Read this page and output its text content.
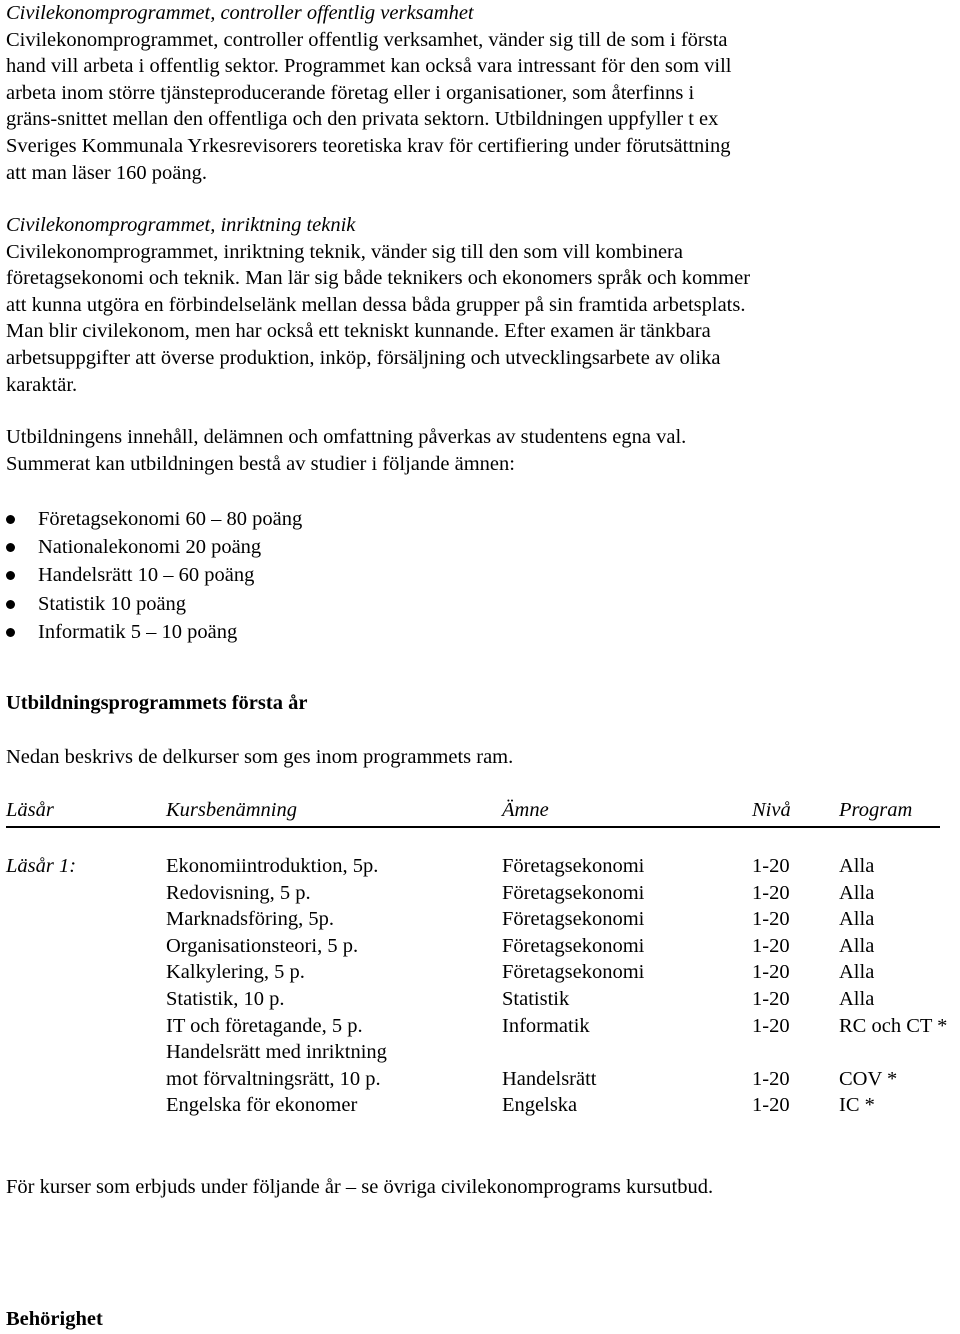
Civilekonomprogrammet, controller offentlig verksamhet
Civilekonomprogrammet, controller offentlig verksamhet, vänder sig till de som i första
hand vill arbeta i offentlig sektor. Programmet kan också vara intressant för den som vill
arbeta inom större tjänsteproducerande företag eller i organisationer, som återfinns i
gräns-snittet mellan den offentliga och den privata sektorn. Utbildningen uppfyller t ex
Sveriges Kommunala Yrkesrevisorers teoretiska krav för certifiering under förutsättning
att man läser 160 poäng.
Civilekonomprogrammet, inriktning teknik
Civilekonomprogrammet, inriktning teknik, vänder sig till den som vill kombinera
företagsekonomi och teknik. Man lär sig både teknikers och ekonomers språk och kommer
att kunna utgöra en förbindelselänk mellan dessa båda grupper på sin framtida arbetsplats.
Man blir civilekonom, men har också ett tekniskt kunnande. Efter examen är tänkbara
arbetsuppgifter att överse produktion, inköp, försäljning och utvecklingsarbete av olika
karaktär.
Utbildningens innehåll, delämnen och omfattning påverkas av studentens egna val.
Summerat kan utbildningen bestå av studier i följande ämnen:
Företagsekonomi 60 – 80 poäng
Nationalekonomi 20 poäng
Handelsrätt 10 – 60 poäng
Statistik 10 poäng
Informatik 5 – 10 poäng
Utbildningsprogrammets första år
Nedan beskrivs de delkurser som ges inom programmets ram.
Läsår	Kursbenämning	Ämne	Nivå Program
Läsår 1:	Ekonomiintroduktion, 5p.	Företagsekonomi	1-20 Alla
Redovisning, 5 p.	Företagsekonomi	1-20 Alla
Marknadsföring, 5p.	Företagsekonomi	1-20 Alla
Organisationsteori, 5 p.	Företagsekonomi	1-20 Alla
Kalkylering, 5 p.	Företagsekonomi	1-20 Alla
Statistik, 10 p.	Statistik	1-20 Alla
IT och företagande, 5 p.	Informatik	1-20 RC och CT *
Handelsrätt med inriktning
mot förvaltningsrätt, 10 p.	Handelsrätt	1-20 COV *
Engelska för ekonomer	Engelska	1-20 IC *
För kurser som erbjuds under följande år – se övriga civilekonomprograms kursutbud.
Behörighet
